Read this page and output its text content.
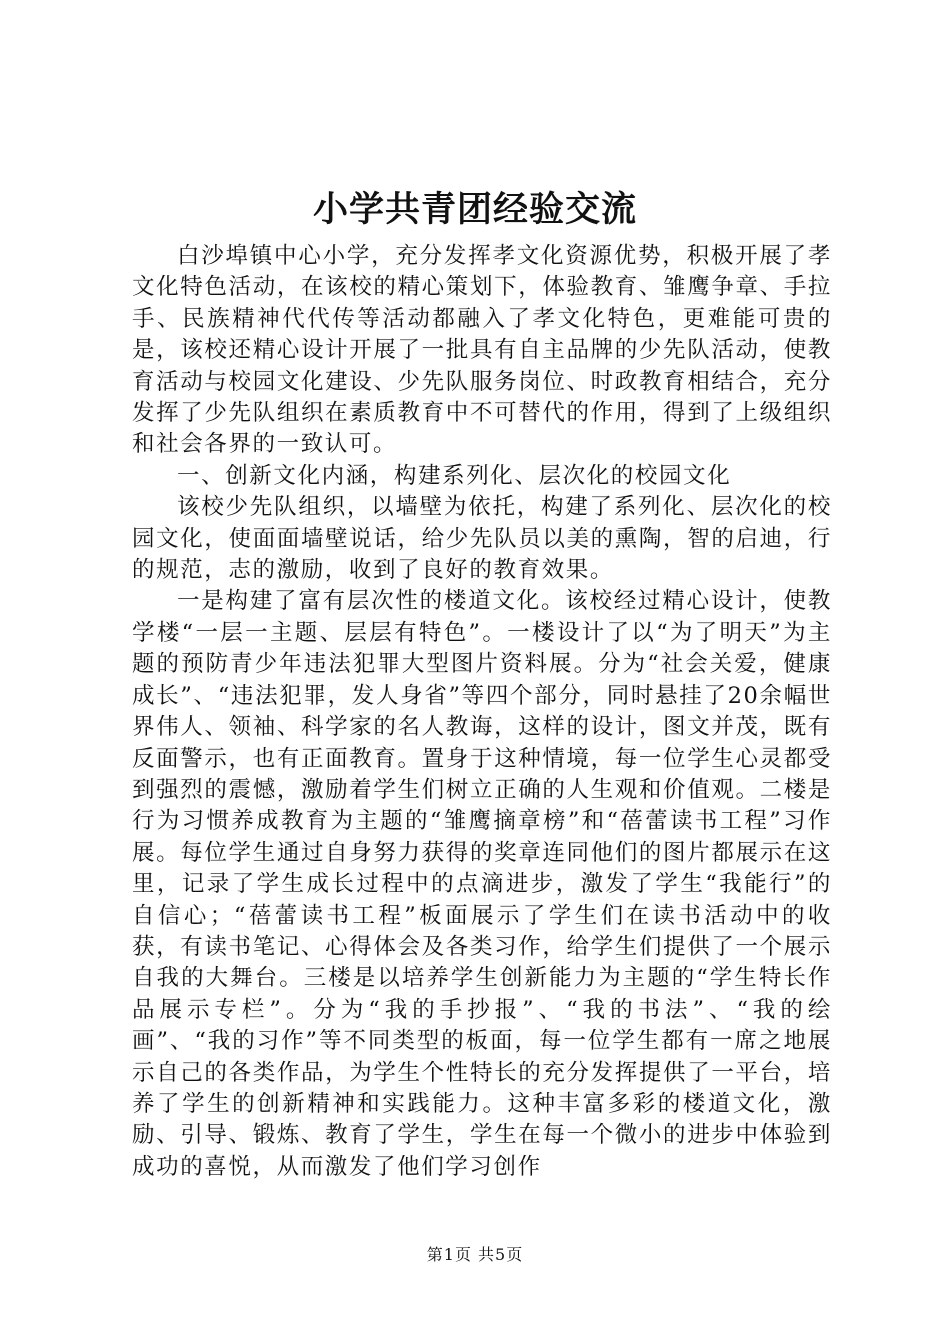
小学共青团经验交流

白沙埠镇中心小学，充分发挥孝文化资源优势，积极开展了孝文化特色活动，在该校的精心策划下，体验教育、雏鹰争章、手拉手、民族精神代代传等活动都融入了孝文化特色，更难能可贵的是，该校还精心设计开展了一批具有自主品牌的少先队活动，使教育活动与校园文化建设、少先队服务岗位、时政教育相结合，充分发挥了少先队组织在素质教育中不可替代的作用，得到了上级组织和社会各界的一致认可。

一、创新文化内涵，构建系列化、层次化的校园文化

该校少先队组织，以墙壁为依托，构建了系列化、层次化的校园文化，使面面墙壁说话，给少先队员以美的熏陶，智的启迪，行的规范，志的激励，收到了良好的教育效果。

一是构建了富有层次性的楼道文化。该校经过精心设计，使教学楼“一层一主题、层层有特色”。一楼设计了以“为了明天”为主题的预防青少年违法犯罪大型图片资料展。分为“社会关爱，健康成长”、“违法犯罪，发人身省”等四个部分，同时悬挂了20余幅世界伟人、领袖、科学家的名人教诲，这样的设计，图文并茂，既有反面警示，也有正面教育。置身于这种情境，每一位学生心灵都受到强烈的震憾，激励着学生们树立正确的人生观和价值观。二楼是行为习惯养成教育为主题的“雏鹰摘章榜”和“蓓蕾读书工程”习作展。每位学生通过自身努力获得的奖章连同他们的图片都展示在这里，记录了学生成长过程中的点滴进步，激发了学生“我能行”的自信心；“蓓蕾读书工程”板面展示了学生们在读书活动中的收获，有读书笔记、心得体会及各类习作，给学生们提供了一个展示自我的大舞台。三楼是以培养学生创新能力为主题的“学生特长作品展示专栏”。分为“我的手抄报”、“我的书法”、“我的绘画”、“我的习作”等不同类型的板面，每一位学生都有一席之地展示自己的各类作品，为学生个性特长的充分发挥提供了一平台，培养了学生的创新精神和实践能力。这种丰富多彩的楼道文化，激励、引导、锻炼、教育了学生，学生在每一个微小的进步中体验到成功的喜悦，从而激发了他们学习创作

第1页 共5页
